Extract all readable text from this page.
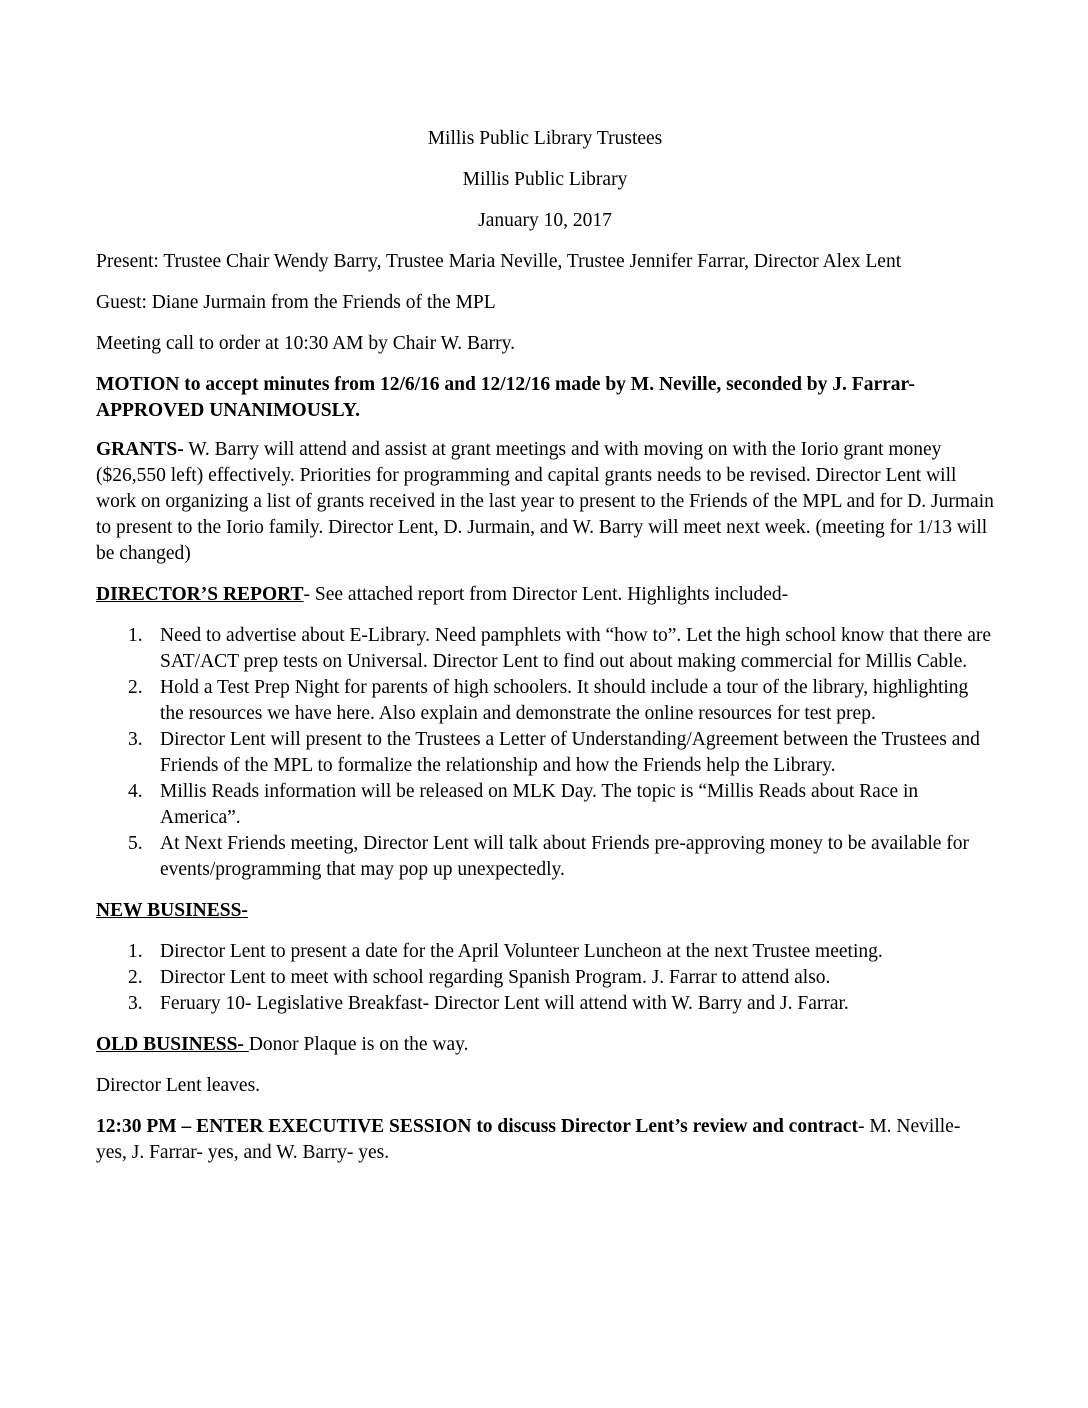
Millis Public Library Trustees

Millis Public Library

January 10, 2017

Present: Trustee Chair Wendy Barry, Trustee Maria Neville, Trustee Jennifer Farrar, Director Alex Lent

Guest: Diane Jurmain from the Friends of the MPL

Meeting call to order at 10:30 AM by Chair W. Barry.

MOTION to accept minutes from 12/6/16 and 12/12/16 made by M. Neville, seconded by J. Farrar- APPROVED UNANIMOUSLY.

GRANTS- W. Barry will attend and assist at grant meetings and with moving on with the Iorio grant money ($26,550 left) effectively. Priorities for programming and capital grants needs to be revised. Director Lent will work on organizing a list of grants received in the last year to present to the Friends of the MPL and for D. Jurmain to present to the Iorio family. Director Lent, D. Jurmain, and W. Barry will meet next week. (meeting for 1/13 will be changed)

DIRECTOR’S REPORT- See attached report from Director Lent. Highlights included-

1. Need to advertise about E-Library. Need pamphlets with “how to”. Let the high school know that there are SAT/ACT prep tests on Universal. Director Lent to find out about making commercial for Millis Cable.
2. Hold a Test Prep Night for parents of high schoolers. It should include a tour of the library, highlighting the resources we have here. Also explain and demonstrate the online resources for test prep.
3. Director Lent will present to the Trustees a Letter of Understanding/Agreement between the Trustees and Friends of the MPL to formalize the relationship and how the Friends help the Library.
4. Millis Reads information will be released on MLK Day. The topic is “Millis Reads about Race in America”.
5. At Next Friends meeting, Director Lent will talk about Friends pre-approving money to be available for events/programming that may pop up unexpectedly.

NEW BUSINESS-

1. Director Lent to present a date for the April Volunteer Luncheon at the next Trustee meeting.
2. Director Lent to meet with school regarding Spanish Program. J. Farrar to attend also.
3. Feruary 10- Legislative Breakfast- Director Lent will attend with W. Barry and J. Farrar.

OLD BUSINESS- Donor Plaque is on the way.

Director Lent leaves.

12:30 PM – ENTER EXECUTIVE SESSION to discuss Director Lent’s review and contract- M. Neville- yes, J. Farrar- yes, and W. Barry- yes.
